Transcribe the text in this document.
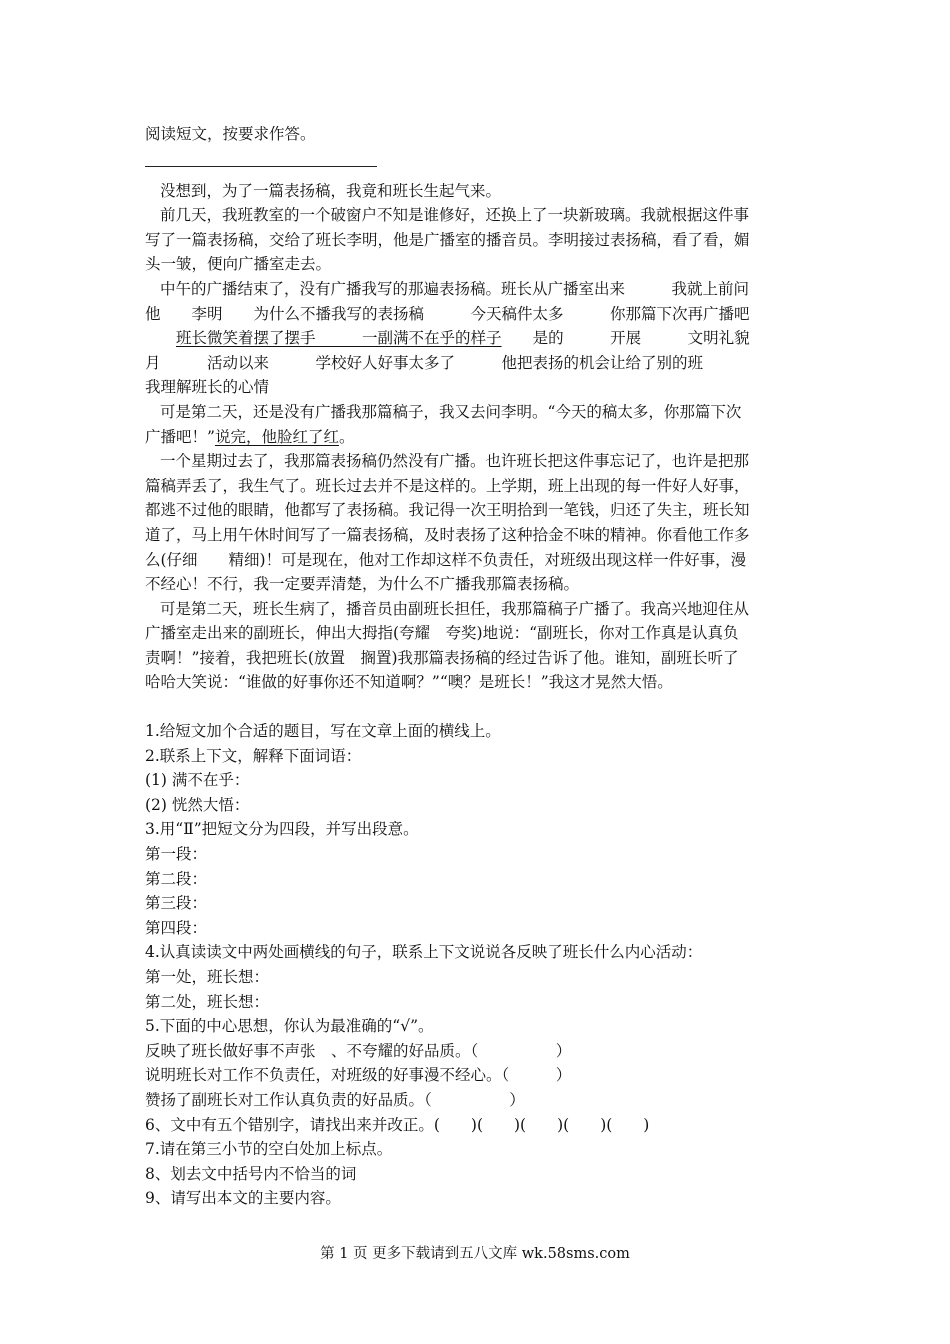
阅读短文，按要求作答。
没想到，为了一篇表扬稿，我竟和班长生起气来。
前几天，我班教室的一个破窗户不知是谁修好，还换上了一块新玻璃。我就根据这件事
写了一篇表扬稿，交给了班长李明，他是广播室的播音员。李明接过表扬稿，看了看，媚
头一皱，便向广播室走去。
中午的广播结束了，没有广播我写的那遍表扬稿。班长从广播室出来　　　我就上前问
他　　李明　　为什么不播我写的表扬稿　　　今天稿件太多　　　你那篇下次再广播吧
　　班长微笑着摆了摆手　　　	一副满不在乎的样子　　是的　　　开展　　　文明礼貌
月　　　活动以来　　　学校好人好事太多了　　　他把表扬的机会让给了别的班
我理解班长的心情
可是第二天，还是没有广播我那篇稿子，我又去问李明。“今天的稿太多，你那篇下次
广播吧！”说完，他脸红了红。
一个星期过去了，我那篇表扬稿仍然没有广播。也许班长把这件事忘记了，也许是把那
篇稿弄丢了，我生气了。班长过去并不是这样的。上学期，班上出现的每一件好人好事，
都逃不过他的眼睛，他都写了表扬稿。我记得一次王明拾到一笔钱，归还了失主，班长知
道了，马上用午休时间写了一篇表扬稿，及时表扬了这种拾金不味的精神。你看他工作多
么(仔细　　精细)！可是现在，他对工作却这样不负责任，对班级出现这样一件好事，漫
不经心！不行，我一定要弄清楚，为什么不广播我那篇表扬稿。
可是第二天，班长生病了，播音员由副班长担任，我那篇稿子广播了。我高兴地迎住从
广播室走出来的副班长，伸出大拇指(夸耀　夸奖)地说：“副班长，你对工作真是认真负
责啊！”接着，我把班长(放置　搁置)我那篇表扬稿的经过告诉了他。谁知，副班长听了
哈哈大笑说：“谁做的好事你还不知道啊？”“噢？是班长！”我这才晃然大悟。
1.给短文加个合适的题目，写在文章上面的横线上。
2.联系上下文，解释下面词语：
(1) 满不在乎：
(2) 恍然大悟：
3.用“Ⅱ”把短文分为四段，并写出段意。
第一段：
第二段：
第三段：
第四段：
4.认真读读文中两处画横线的句子，联系上下文说说各反映了班长什么内心活动：
第一处，班长想：
第二处，班长想：
5.下面的中心思想，你认为最准确的“√”。
反映了班长做好事不声张　、不夸耀的好品质。（　　　　　）
说明班长对工作不负责任，对班级的好事漫不经心。（　　　）
赞扬了副班长对工作认真负责的好品质。（　　　　　）
6、文中有五个错别字，请找出来并改正。(　　)(　　)(　　)(　　)(　　)
7.请在第三小节的空白处加上标点。
8、划去文中括号内不恰当的词
9、请写出本文的主要内容。
第 1 页 更多下载请到五八文库 wk.58sms.com
